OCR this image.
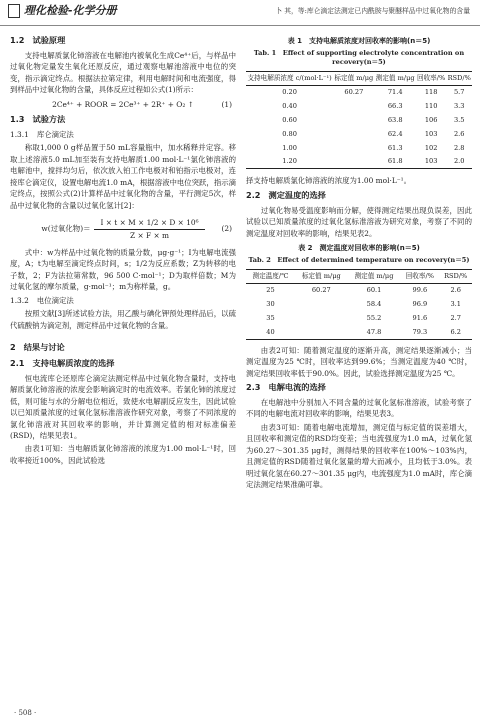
理化检验-化学分册	卜 其，等:库仑滴定法测定已内酰胺与聚醚样品中过氧化物的含量
1.2 试验原理

支持电解质氯化铈溶液在电解池内被氧化生成Ce⁴⁺后，与样品中过氧化物定量发生氧化还原反应，通过观察电解池溶液中电位的突变，指示滴定终点。根据法拉第定律，利用电解时间和电流强度，得到样品中过氧化物的含量，具体反应过程如公式(1)所示：

2Ce⁴⁺ + ROOR = 2Ce³⁺ + 2R⁺ + O₂ ↑	(1)
1.3 试验方法
1.3.1 库仑滴定法

称取1,000 0 g样品置于50 mL容量瓶中，加水稀释并定容。移取上述溶液5.0 mL加至装有支持电解质1.00 mol·L⁻¹氯化铈溶液的电解池中，搅拌均匀后，依次放入铂工作电极对和铂指示电极对，连接库仑滴定仪，设置电解电流1.0 mA，根据溶液中电位突跃，指示滴定终点，按照公式(2)计算样品中过氧化物的含量，平行测定5次，样品中过氧化物的含量以过氧化氢计[2]：

w(过氧化物)＝ $\frac{\text{I × t × M × 1/2 × D × 10⁶}}{Z \times F \times m} (2)$

式中：w为样品中过氧化物的质量分数，μg·g⁻¹；I为电解电流强度，A；t为电解至滴定终点时间，s；1/2为反应系数；Z为转移的电子数，2；F为法拉第常数，96 500 C·mol⁻¹；D为取样倍数；M为过氧化氢的摩尔质量，g·mol⁻¹；m为称样量，g。

1.3.2 电位滴定法

按照文献[3]所述试验方法，用乙酸与碘化钾预处理样品后，以硫代硫酸钠为滴定剂，测定样品中过氧化物的含量。

2 结果与讨论
2.1 支持电解质浓度的选择

恒电流库仑还原库仑滴定法测定样品中过氧化物含量时，支持电解质氯化铈溶液的浓度会影响滴定时的电流效率。若氯化铈的浓度过低，则可能与水的分解电位相近，致使水电解副反应发生，因此试验以已知质量浓度的过氧化氢标准溶液作研究对象，考察了不同浓度的氯化铈溶液对其回收率的影响，并计算测定值的相对标准偏差(RSD)，结果见表1。

由表1可知：当电解质氯化铈溶液的浓度为1.00 mol·L⁻¹时，回收率接近100%，因此试验选

表 1　支持电解质浓度对回收率的影响(n＝5)
Tab. 1　Effect of supporting electrolyte concentration on recovery(n＝5)
支持电解质浓度 c/(mol·L⁻¹)	标定值 m/μg	测定值 m/μg	回收率/%	RSD/%
0.20	60.27	71.4	118	5.7
0.40		66.3	110	3.3
0.60		63.8	106	3.5
0.80		62.4	103	2.6
1.00		61.3	102	2.8
1.20		61.8	103	2.0

择支持电解质氯化铈溶液的浓度为1.00 mol·L⁻¹。

2.2 测定温度的选择

过氧化物易受温度影响而分解，使得测定结果出现负误差，因此试验以已知质量浓度的过氧化氢标准溶液为研究对象，考察了不同的测定温度对回收率的影响，结果见表2。

表 2　测定温度对回收率的影响(n＝5)
Tab. 2　Effect of determined temperature on recovery(n＝5)
测定温度/℃	标定值 m/μg	测定值 m/μg	回收率/%	RSD/%
25	60.27	60.1	99.6	2.6
30		58.4	96.9	3.1
35		55.2	91.6	2.7
40		47.8	79.3	6.2

由表2可知：随着测定温度的逐渐升高，测定结果逐渐减小；当测定温度为25 ℃时，回收率达到99.6%；当测定温度为40 ℃时，测定结果回收率低于90.0%。因此，试验选择测定温度为25 ℃。

2.3 电解电流的选择

在电解池中分别加入不同含量的过氧化氢标准溶液，试验考察了不同的电解电流对回收率的影响，结果见表3。

由表3可知：随着电解电流增加，测定值与标定值的误差增大，且回收率和测定值的RSD均变差；当电流强度为1.0 mA，过氧化氢为60.27～301.35 μg时，测得结果的回收率在100%～103%内，且测定值的RSD随着过氧化氢量的增大而减小，且均低于3.0%。表明过氧化氢在60.27～301.35 μg内，电流强度为1.0 mA时，库仑滴定法测定结果准确可靠。

· 508 ·
